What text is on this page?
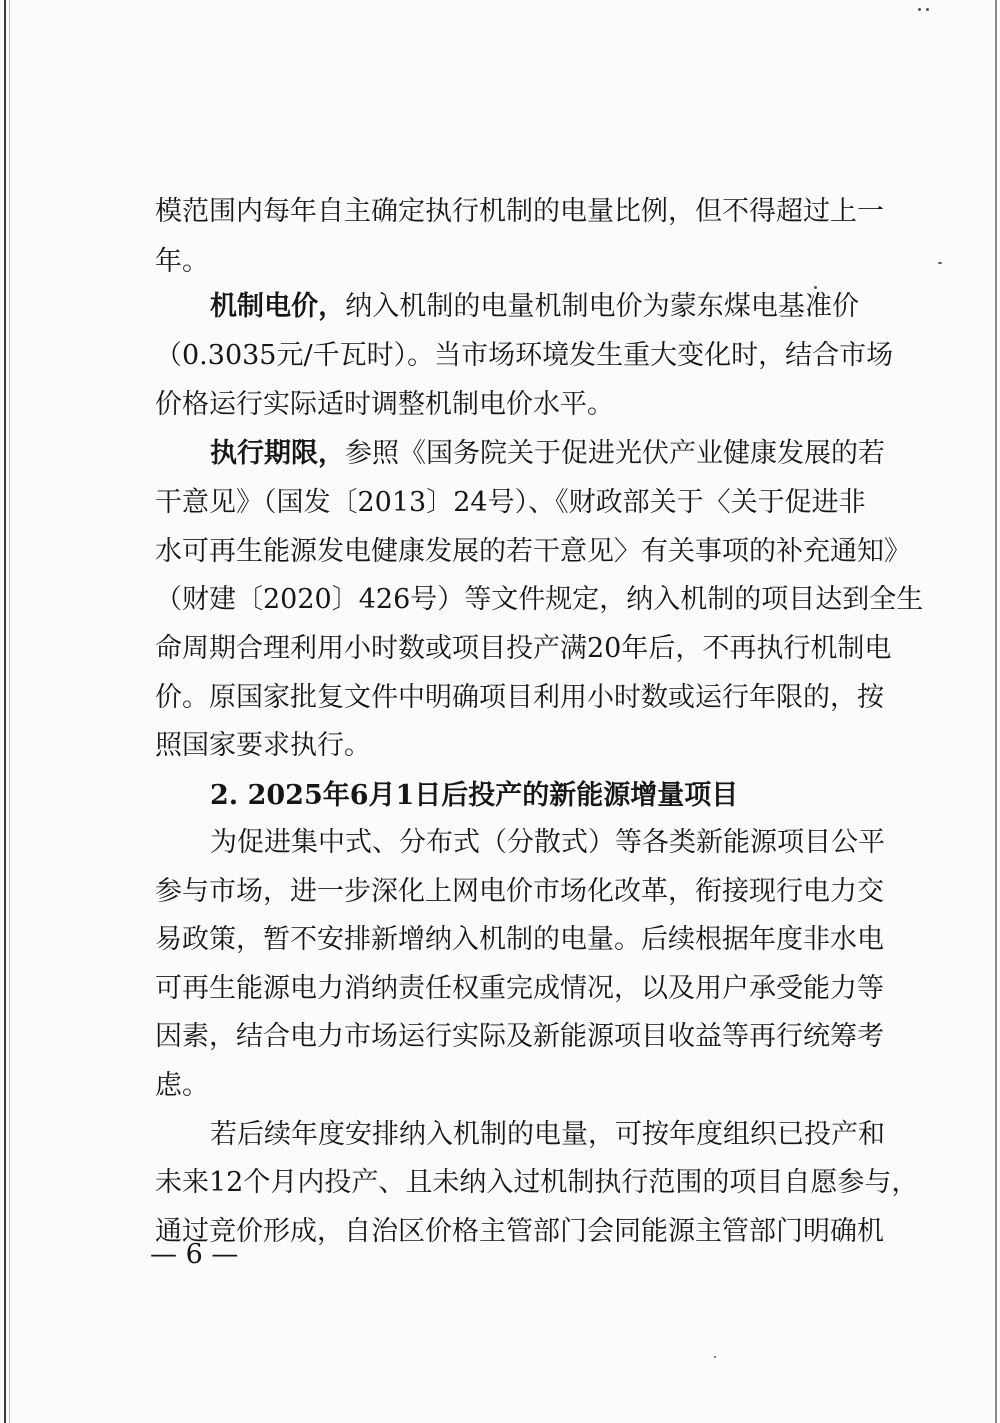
模范围内每年自主确定执行机制的电量比例，但不得超过上一
年。
机制电价，纳入机制的电量机制电价为蒙东煤电基准价
（0.3035元/千瓦时）。当市场环境发生重大变化时，结合市场
价格运行实际适时调整机制电价水平。
执行期限，参照《国务院关于促进光伏产业健康发展的若
干意见》（国发〔2013〕24号）、《财政部关于〈关于促进非
水可再生能源发电健康发展的若干意见〉有关事项的补充通知》
（财建〔2020〕426号）等文件规定，纳入机制的项目达到全生
命周期合理利用小时数或项目投产满20年后，不再执行机制电
价。原国家批复文件中明确项目利用小时数或运行年限的，按
照国家要求执行。
2. 2025年6月1日后投产的新能源增量项目
为促进集中式、分布式（分散式）等各类新能源项目公平
参与市场，进一步深化上网电价市场化改革，衔接现行电力交
易政策，暂不安排新增纳入机制的电量。后续根据年度非水电
可再生能源电力消纳责任权重完成情况，以及用户承受能力等
因素，结合电力市场运行实际及新能源项目收益等再行统筹考
虑。
若后续年度安排纳入机制的电量，可按年度组织已投产和
未来12个月内投产、且未纳入过机制执行范围的项目自愿参与，
通过竞价形成，自治区价格主管部门会同能源主管部门明确机
— 6 —
